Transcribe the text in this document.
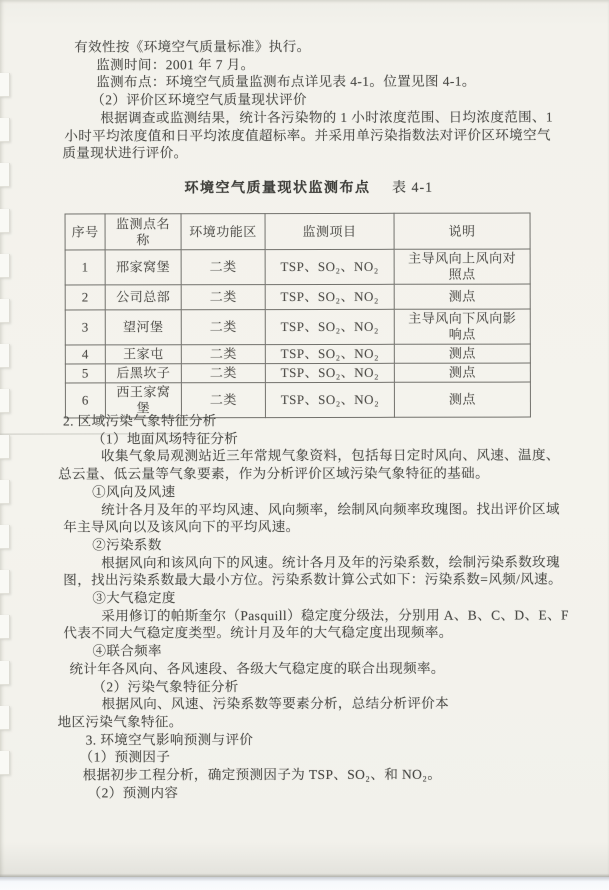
有效性按《环境空气质量标准》执行。
监测时间：2001 年 7 月。
监测布点：环境空气质量监测布点详见表 4-1。位置见图 4-1。
（2）评价区环境空气质量现状评价
根据调查或监测结果，统计各污染物的 1 小时浓度范围、日均浓度范围、1
小时平均浓度值和日平均浓度值超标率。并采用单污染指数法对评价区环境空气
质量现状进行评价。
环境空气质量现状监测布点 表 4-1
序号	监测点名称	环境功能区	监测项目	说明
1	邢家窝堡	二类	TSP、SO₂、NO₂	主导风向上风向对照点
2	公司总部	二类	TSP、SO₂、NO₂	测点
3	望河堡	二类	TSP、SO₂、NO₂	主导风向下风向影响点
4	王家屯	二类	TSP、SO₂、NO₂	测点
5	后黑坎子	二类	TSP、SO₂、NO₂	测点
6	西王家窝堡	二类	TSP、SO₂、NO₂	测点
2. 区域污染气象特征分析
（1）地面风场特征分析
收集气象局观测站近三年常规气象资料，包括每日定时风向、风速、温度、
总云量、低云量等气象要素，作为分析评价区域污染气象特征的基础。
①风向及风速
统计各月及年的平均风速、风向频率，绘制风向频率玫瑰图。找出评价区域
年主导风向以及该风向下的平均风速。
②污染系数
根据风向和该风向下的风速。统计各月及年的污染系数，绘制污染系数玫瑰
图，找出污染系数最大最小方位。污染系数计算公式如下：污染系数=风频/风速。
③大气稳定度
采用修订的帕斯奎尔（Pasquill）稳定度分级法，分别用 A、B、C、D、E、F
代表不同大气稳定度类型。统计月及年的大气稳定度出现频率。
④联合频率
统计年各风向、各风速段、各级大气稳定度的联合出现频率。
（2）污染气象特征分析
根据风向、风速、污染系数等要素分析，总结分析评价本
地区污染气象特征。
3. 环境空气影响预测与评价
（1）预测因子
根据初步工程分析，确定预测因子为 TSP、SO₂、和 NO₂。
（2）预测内容
